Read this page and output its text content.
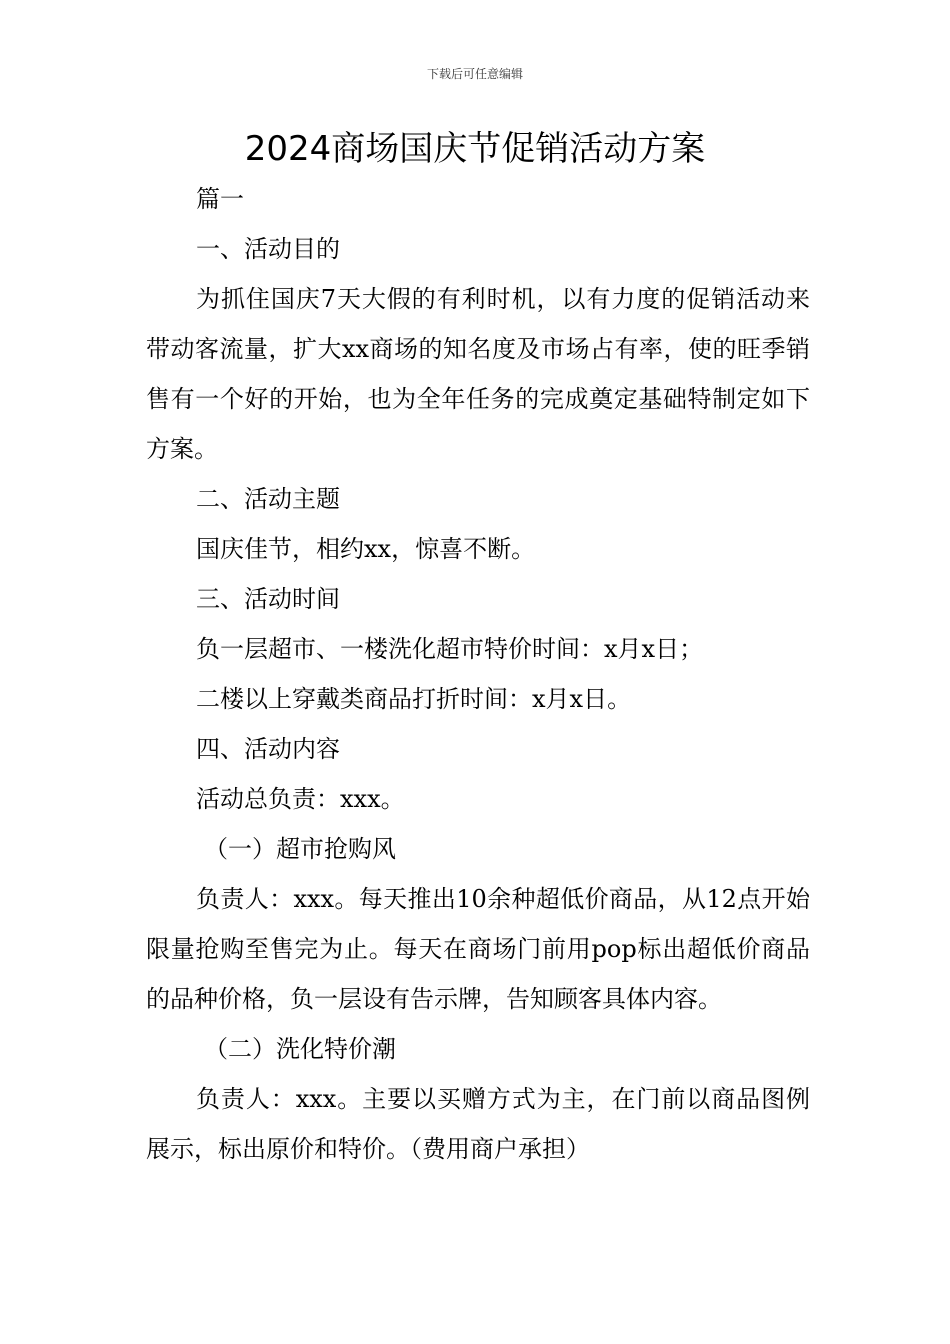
下载后可任意编辑
2024商场国庆节促销活动方案

篇一

一、活动目的

为抓住国庆7天大假的有利时机，以有力度的促销活动来带动客流量，扩大xx商场的知名度及市场占有率，使的旺季销售有一个好的开始，也为全年任务的完成奠定基础特制定如下方案。

二、活动主题

国庆佳节，相约xx，惊喜不断。

三、活动时间

负一层超市、一楼洗化超市特价时间：x月x日；

二楼以上穿戴类商品打折时间：x月x日。

四、活动内容

活动总负责：xxx。

（一）超市抢购风

负责人：xxx。每天推出10余种超低价商品，从12点开始限量抢购至售完为止。每天在商场门前用pop标出超低价商品的品种价格，负一层设有告示牌，告知顾客具体内容。

（二）洗化特价潮

负责人：xxx。主要以买赠方式为主，在门前以商品图例展示，标出原价和特价。（费用商户承担）
